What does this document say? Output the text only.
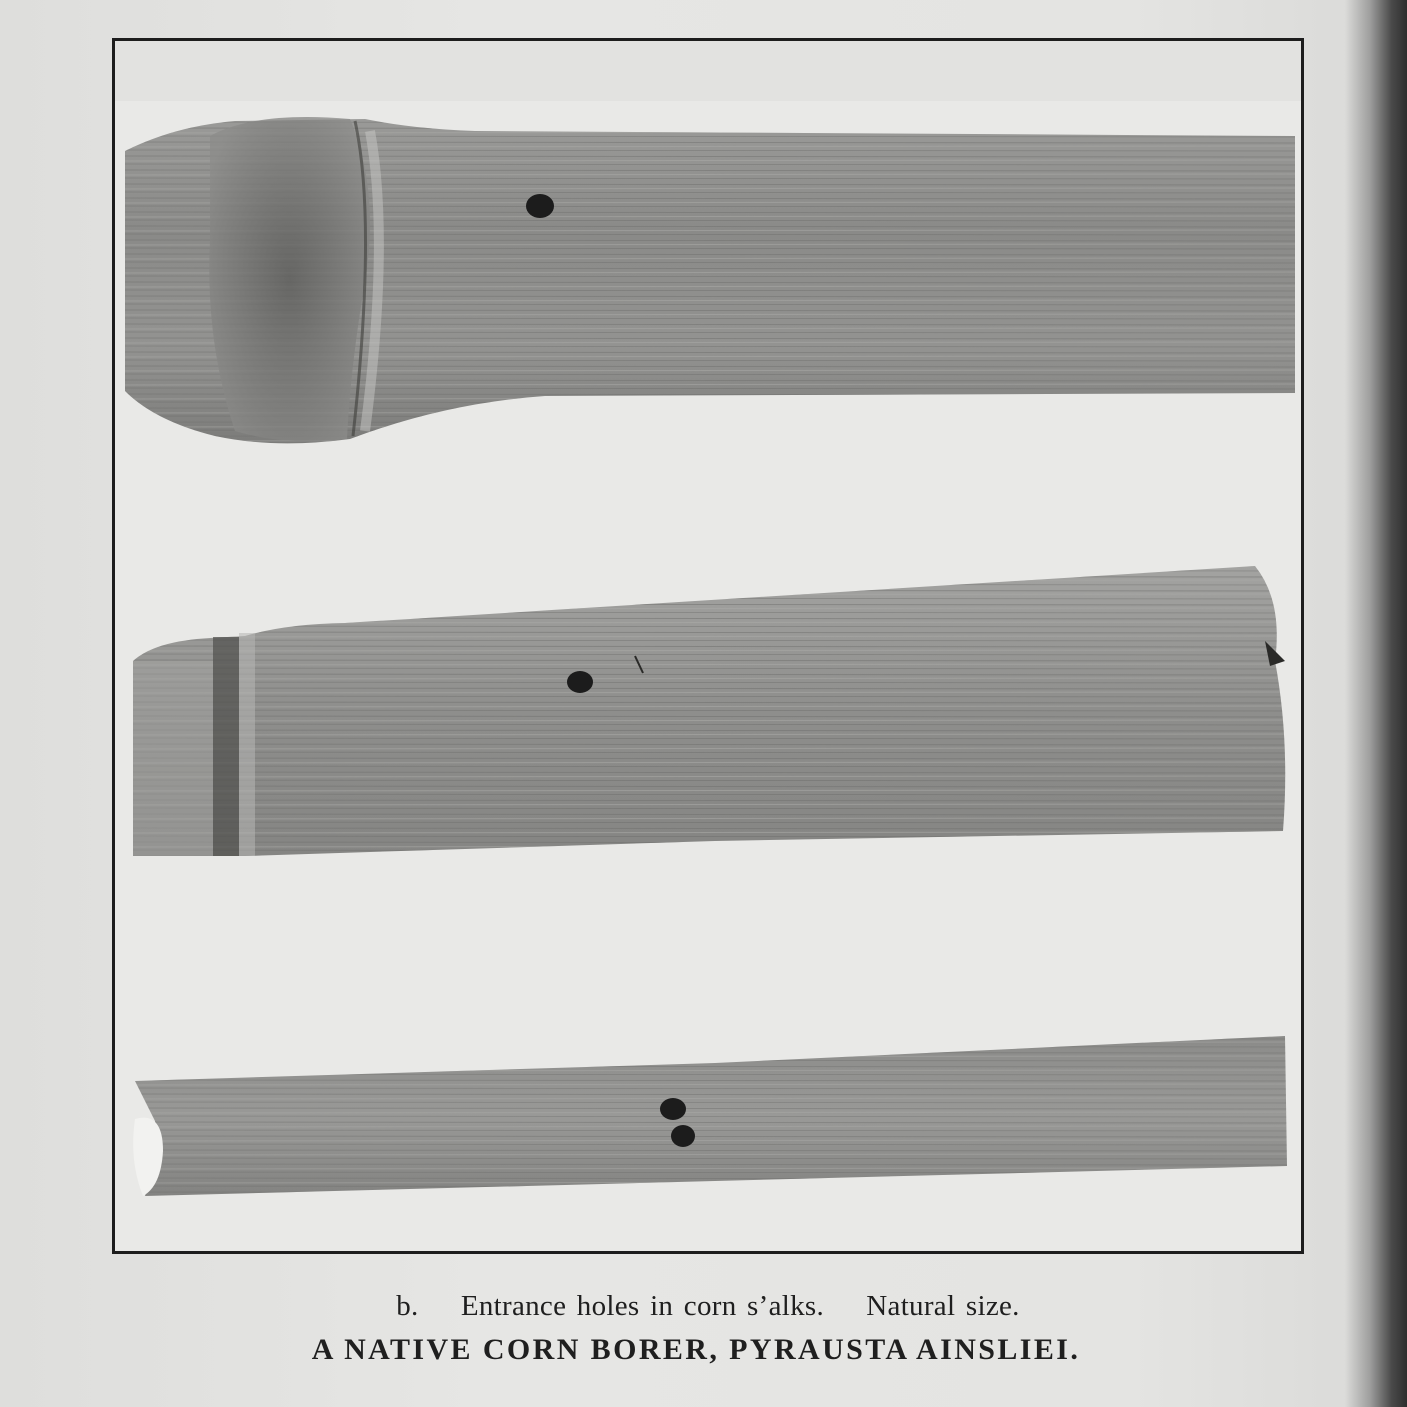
b. Entrance holes in corn s’alks. Natural size.
A NATIVE CORN BORER, PYRAUSTA AINSLIEI.
